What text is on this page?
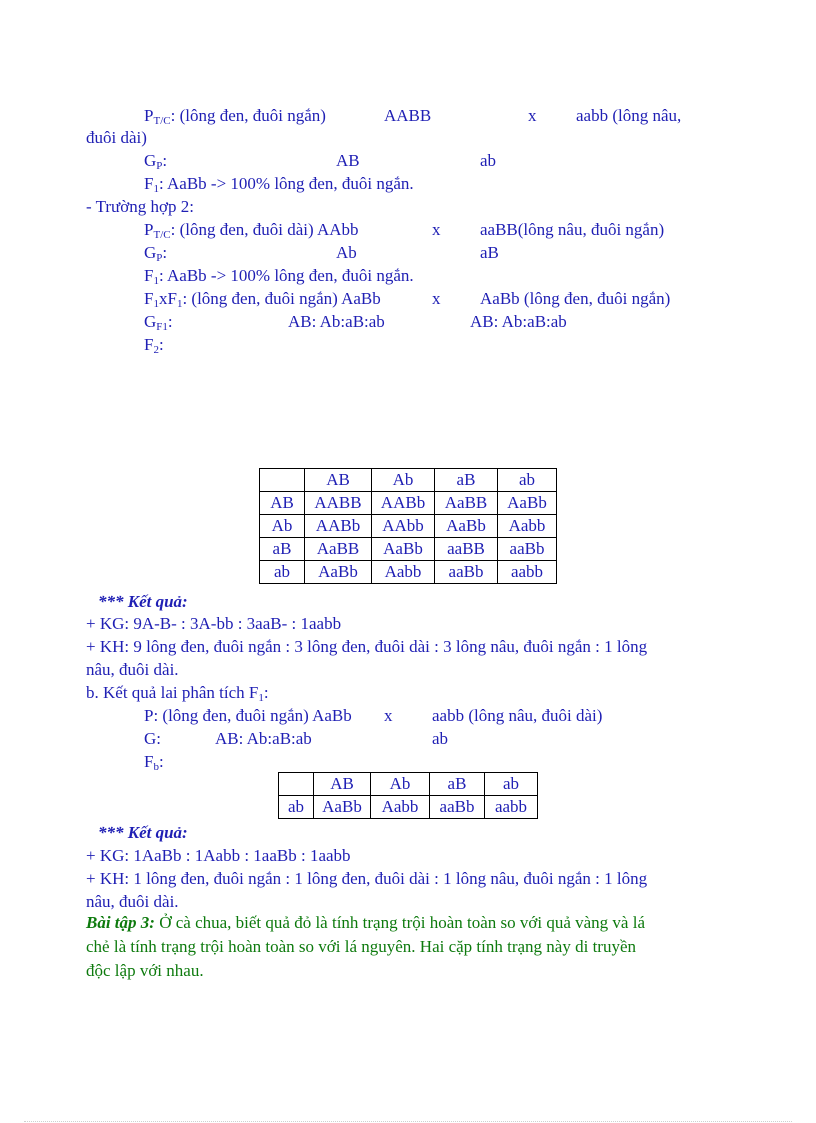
$P_{T/C}$: (lông đen, đuôi ngắn)	AABB	x aabb (lông nâu,
đuôi dài)
$G_P$:	AB	ab
$F_1$: AaBb -> 100% lông đen, đuôi ngắn.
- Trường hợp 2:
$P_{T/C}$: (lông đen, đuôi dài) AAbb	x aaBB(lông nâu, đuôi ngắn)
$G_P$:	Ab	aB
$F_1$: AaBb -> 100% lông đen, đuôi ngắn.
$F_1xF_1$: (lông đen, đuôi ngắn) AaBb	x AaBb (lông đen, đuôi ngắn)
$G_{F1}$:	AB: Ab:aB:ab	AB: Ab:aB:ab
$F_2$:
	AB	Ab	aB	ab
AB	AABB	AABb	AaBB	AaBb
Ab	AABb	AAbb	AaBb	Aabb
aB	AaBB	AaBb	aaBB	aaBb
ab	AaBb	Aabb	aaBb	aabb
*** Kết quả:
+ KG: 9A-B- : 3A-bb : 3aaB- : 1aabb
+ KH: 9 lông đen, đuôi ngắn : 3 lông đen, đuôi dài : 3 lông nâu, đuôi ngắn : 1 lông
nâu, đuôi dài.
b. Kết quả lai phân tích $F_1$:
P: (lông đen, đuôi ngắn) AaBb x aabb (lông nâu, đuôi dài)
G:	AB: Ab:aB:ab	ab
$F_b$:
	AB	Ab	aB	ab
ab	AaBb	Aabb	aaBb	aabb
*** Kết quả:
+ KG: 1AaBb : 1Aabb : 1aaBb : 1aabb
+ KH: 1 lông đen, đuôi ngắn : 1 lông đen, đuôi dài : 1 lông nâu, đuôi ngắn : 1 lông
nâu, đuôi dài.
Bài tập 3: Ở cà chua, biết quả đỏ là tính trạng trội hoàn toàn so với quả vàng và lá
chẻ là tính trạng trội hoàn toàn so với lá nguyên. Hai cặp tính trạng này di truyền
độc lập với nhau.
